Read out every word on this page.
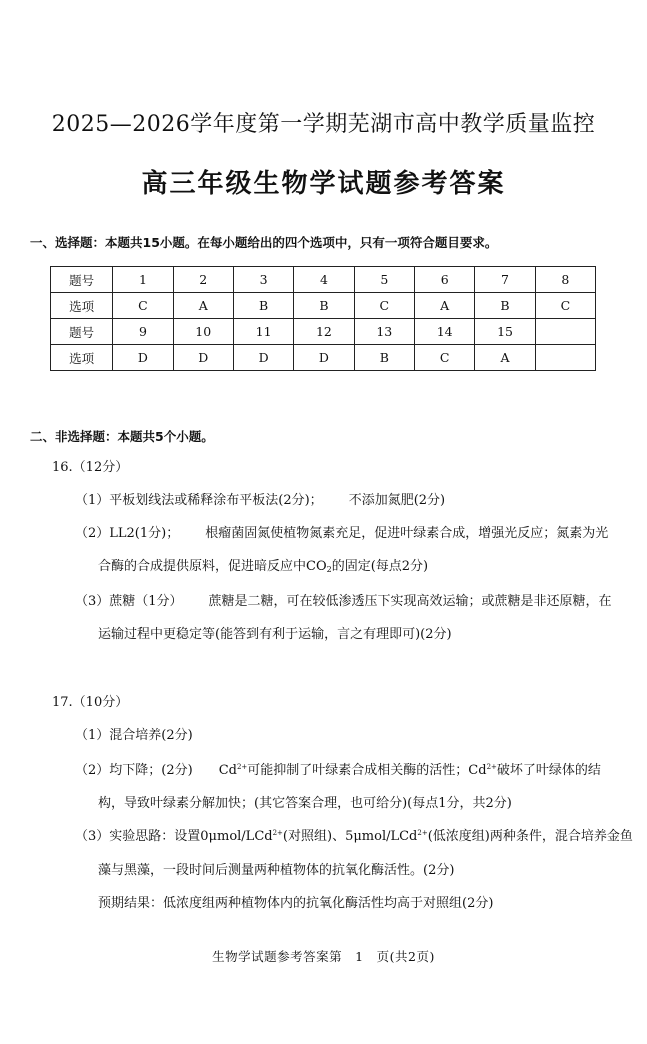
2025—2026学年度第一学期芜湖市高中教学质量监控
高三年级生物学试题参考答案
一、选择题：本题共15小题。在每小题给出的四个选项中，只有一项符合题目要求。
题号	1	2	3	4	5	6	7	8
选项	C	A	B	B	C	A	B	C
题号	9	10	11	12	13	14	15	
选项	D	D	D	D	B	C	A	
二、非选择题：本题共5个小题。
16.（12分）
（1）平板划线法或稀释涂布平板法(2分)； 不添加氮肥(2分)
（2）LL2(1分)； 根瘤菌固氮使植物氮素充足，促进叶绿素合成，增强光反应；氮素为光
合酶的合成提供原料，促进暗反应中$CO_2$的固定(每点2分)
（3）蔗糖（1分） 蔗糖是二糖，可在较低渗透压下实现高效运输；或蔗糖是非还原糖，在
运输过程中更稳定等(能答到有利于运输，言之有理即可)(2分)
17.（10分）
（1）混合培养(2分)
（2）均下降；(2分) $Cd^{2+}$可能抑制了叶绿素合成相关酶的活性；$Cd^{2+}$破坏了叶绿体的结
构，导致叶绿素分解加快；(其它答案合理，也可给分)(每点1分，共2分)
（3）实验思路：设置0μmol/LCd$^{2+}$(对照组)、5μmol/LCd$^{2+}$(低浓度组)两种条件，混合培养金鱼
藻与黑藻，一段时间后测量两种植物体的抗氧化酶活性。(2分)
预期结果：低浓度组两种植物体内的抗氧化酶活性均高于对照组(2分)
生物学试题参考答案第　1　页(共2页)
